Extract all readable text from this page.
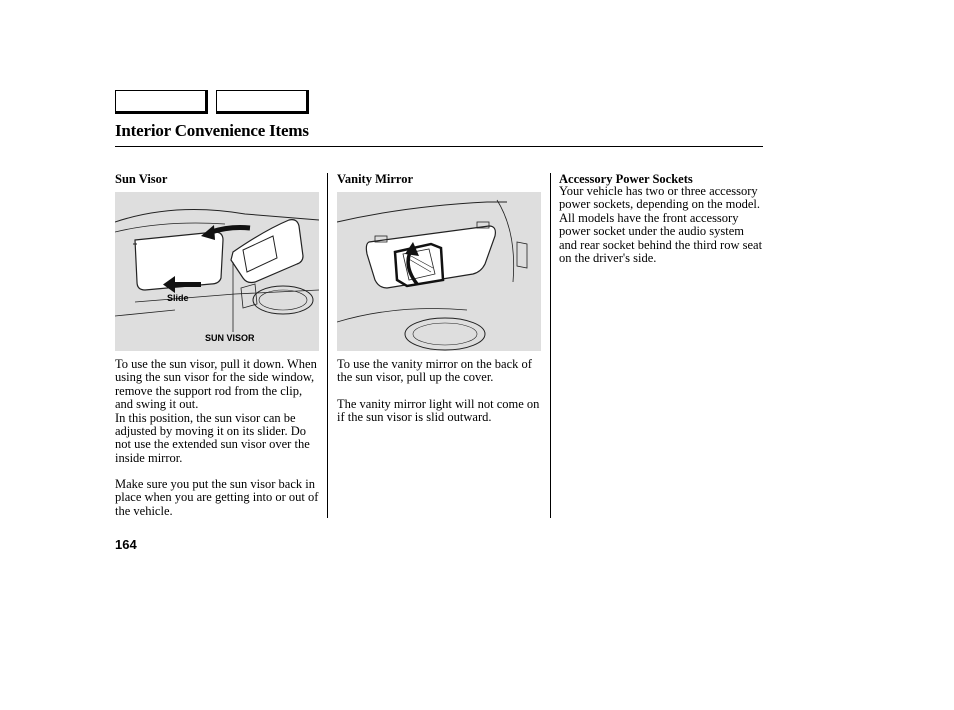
Interior Convenience Items
Sun Visor
Slide
SUN VISOR

To use the sun visor, pull it down. When using the sun visor for the side window, remove the support rod from the clip, and swing it out.
In this position, the sun visor can be adjusted by moving it on its slider. Do not use the extended sun visor over the inside mirror.

Make sure you put the sun visor back in place when you are getting into or out of the vehicle.

Vanity Mirror

To use the vanity mirror on the back of the sun visor, pull up the cover.

The vanity mirror light will not come on if the sun visor is slid outward.

Accessory Power Sockets

Your vehicle has two or three accessory power sockets, depending on the model. All models have the front accessory power socket under the audio system and rear socket behind the third row seat on the driver's side.

164
